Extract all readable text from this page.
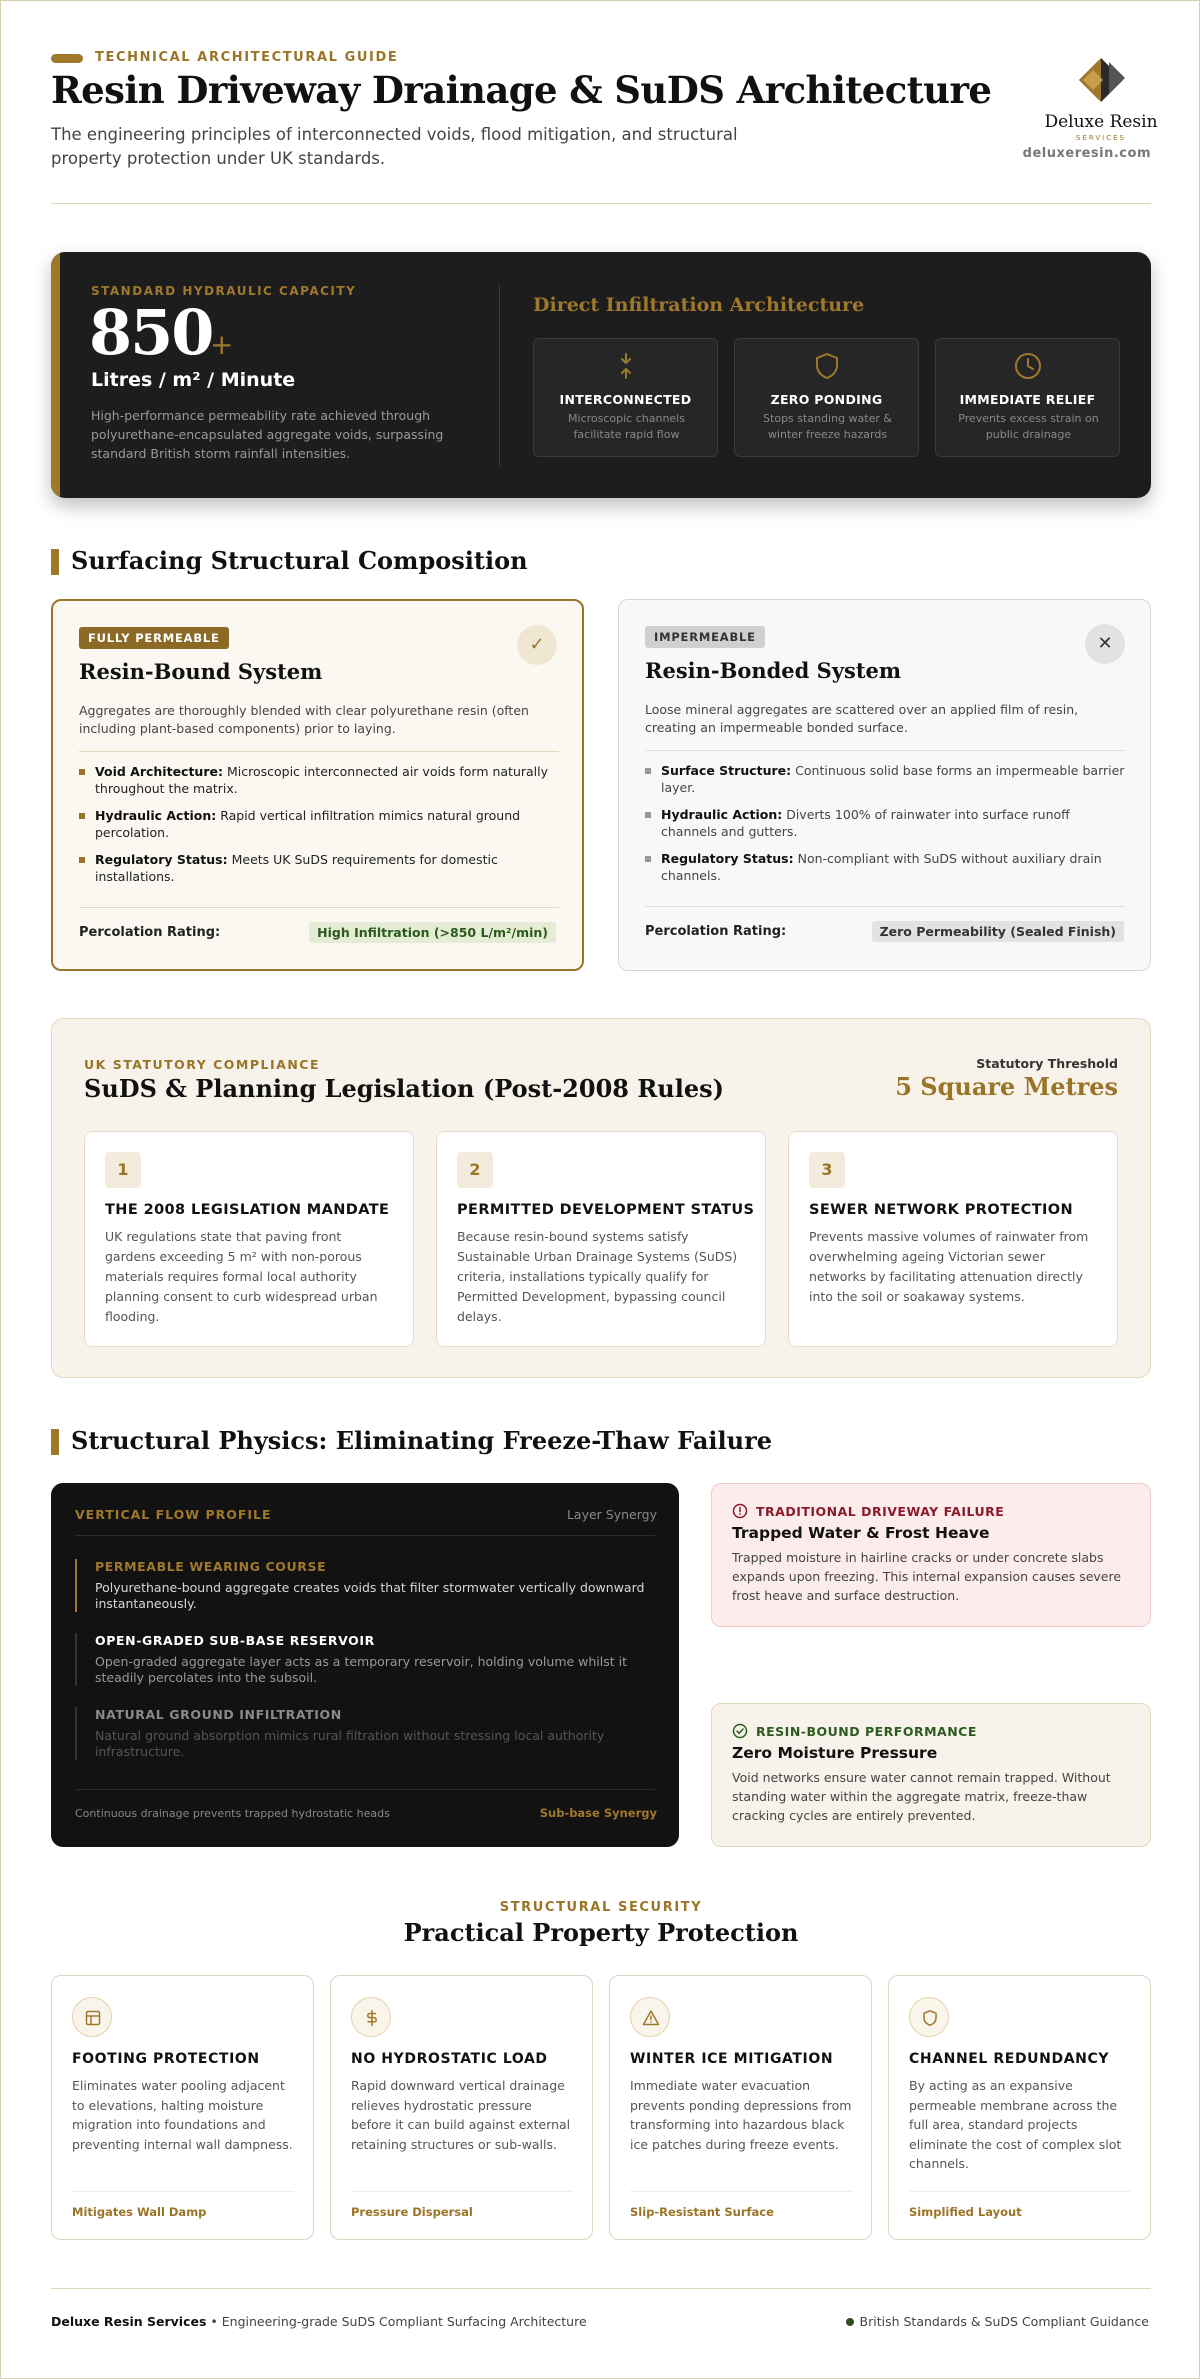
TECHNICAL ARCHITECTURAL GUIDE
Resin Driveway Drainage & SuDS Architecture
The engineering principles of interconnected voids, flood mitigation, and structural property protection under UK standards.
Deluxe Resin
SERVICES
deluxeresin.com
STANDARD HYDRAULIC CAPACITY
850
+
Litres / m² / Minute
High-performance permeability rate achieved through polyurethane-encapsulated aggregate voids, surpassing standard British storm rainfall intensities.
Direct Infiltration Architecture
INTERCONNECTED
Microscopic channels facilitate rapid flow
ZERO PONDING
Stops standing water & winter freeze hazards
IMMEDIATE RELIEF
Prevents excess strain on public drainage
Surfacing Structural Composition
FULLY PERMEABLE	✓
Resin-Bound System
Aggregates are thoroughly blended with clear polyurethane resin (often including plant-based components) prior to laying.
Void Architecture: Microscopic interconnected air voids form naturally throughout the matrix.
Hydraulic Action: Rapid vertical infiltration mimics natural ground percolation.
Regulatory Status: Meets UK SuDS requirements for domestic installations.
Percolation Rating:	High Infiltration (>850 L/m²/min)
IMPERMEABLE	✕
Resin-Bonded System
Loose mineral aggregates are scattered over an applied film of resin, creating an impermeable bonded surface.
Surface Structure: Continuous solid base forms an impermeable barrier layer.
Hydraulic Action: Diverts 100% of rainwater into surface runoff channels and gutters.
Regulatory Status: Non-compliant with SuDS without auxiliary drain channels.
Percolation Rating:	Zero Permeability (Sealed Finish)
UK STATUTORY COMPLIANCE
SuDS & Planning Legislation (Post-2008 Rules)
Statutory Threshold
5 Square Metres
1
THE 2008 LEGISLATION MANDATE
UK regulations state that paving front gardens exceeding 5 m² with non-porous materials requires formal local authority planning consent to curb widespread urban flooding.
2
PERMITTED DEVELOPMENT STATUS
Because resin-bound systems satisfy Sustainable Urban Drainage Systems (SuDS) criteria, installations typically qualify for Permitted Development, bypassing council delays.
3
SEWER NETWORK PROTECTION
Prevents massive volumes of rainwater from overwhelming ageing Victorian sewer networks by facilitating attenuation directly into the soil or soakaway systems.
Structural Physics: Eliminating Freeze-Thaw Failure
VERTICAL FLOW PROFILE	Layer Synergy
PERMEABLE WEARING COURSE
Polyurethane-bound aggregate creates voids that filter stormwater vertically downward instantaneously.
OPEN-GRADED SUB-BASE RESERVOIR
Open-graded aggregate layer acts as a temporary reservoir, holding volume whilst it steadily percolates into the subsoil.
NATURAL GROUND INFILTRATION
Natural ground absorption mimics rural filtration without stressing local authority infrastructure.
Continuous drainage prevents trapped hydrostatic heads	Sub-base Synergy
TRADITIONAL DRIVEWAY FAILURE
Trapped Water & Frost Heave
Trapped moisture in hairline cracks or under concrete slabs expands upon freezing. This internal expansion causes severe frost heave and surface destruction.
RESIN-BOUND PERFORMANCE
Zero Moisture Pressure
Void networks ensure water cannot remain trapped. Without standing water within the aggregate matrix, freeze-thaw cracking cycles are entirely prevented.
STRUCTURAL SECURITY
Practical Property Protection
FOOTING PROTECTION
Eliminates water pooling adjacent to elevations, halting moisture migration into foundations and preventing internal wall dampness.
Mitigates Wall Damp
NO HYDROSTATIC LOAD
Rapid downward vertical drainage relieves hydrostatic pressure before it can build against external retaining structures or sub-walls.
Pressure Dispersal
WINTER ICE MITIGATION
Immediate water evacuation prevents ponding depressions from transforming into hazardous black ice patches during freeze events.
Slip-Resistant Surface
CHANNEL REDUNDANCY
By acting as an expansive permeable membrane across the full area, standard projects eliminate the cost of complex slot channels.
Simplified Layout
Deluxe Resin Services • Engineering-grade SuDS Compliant Surfacing Architecture	British Standards & SuDS Compliant Guidance
